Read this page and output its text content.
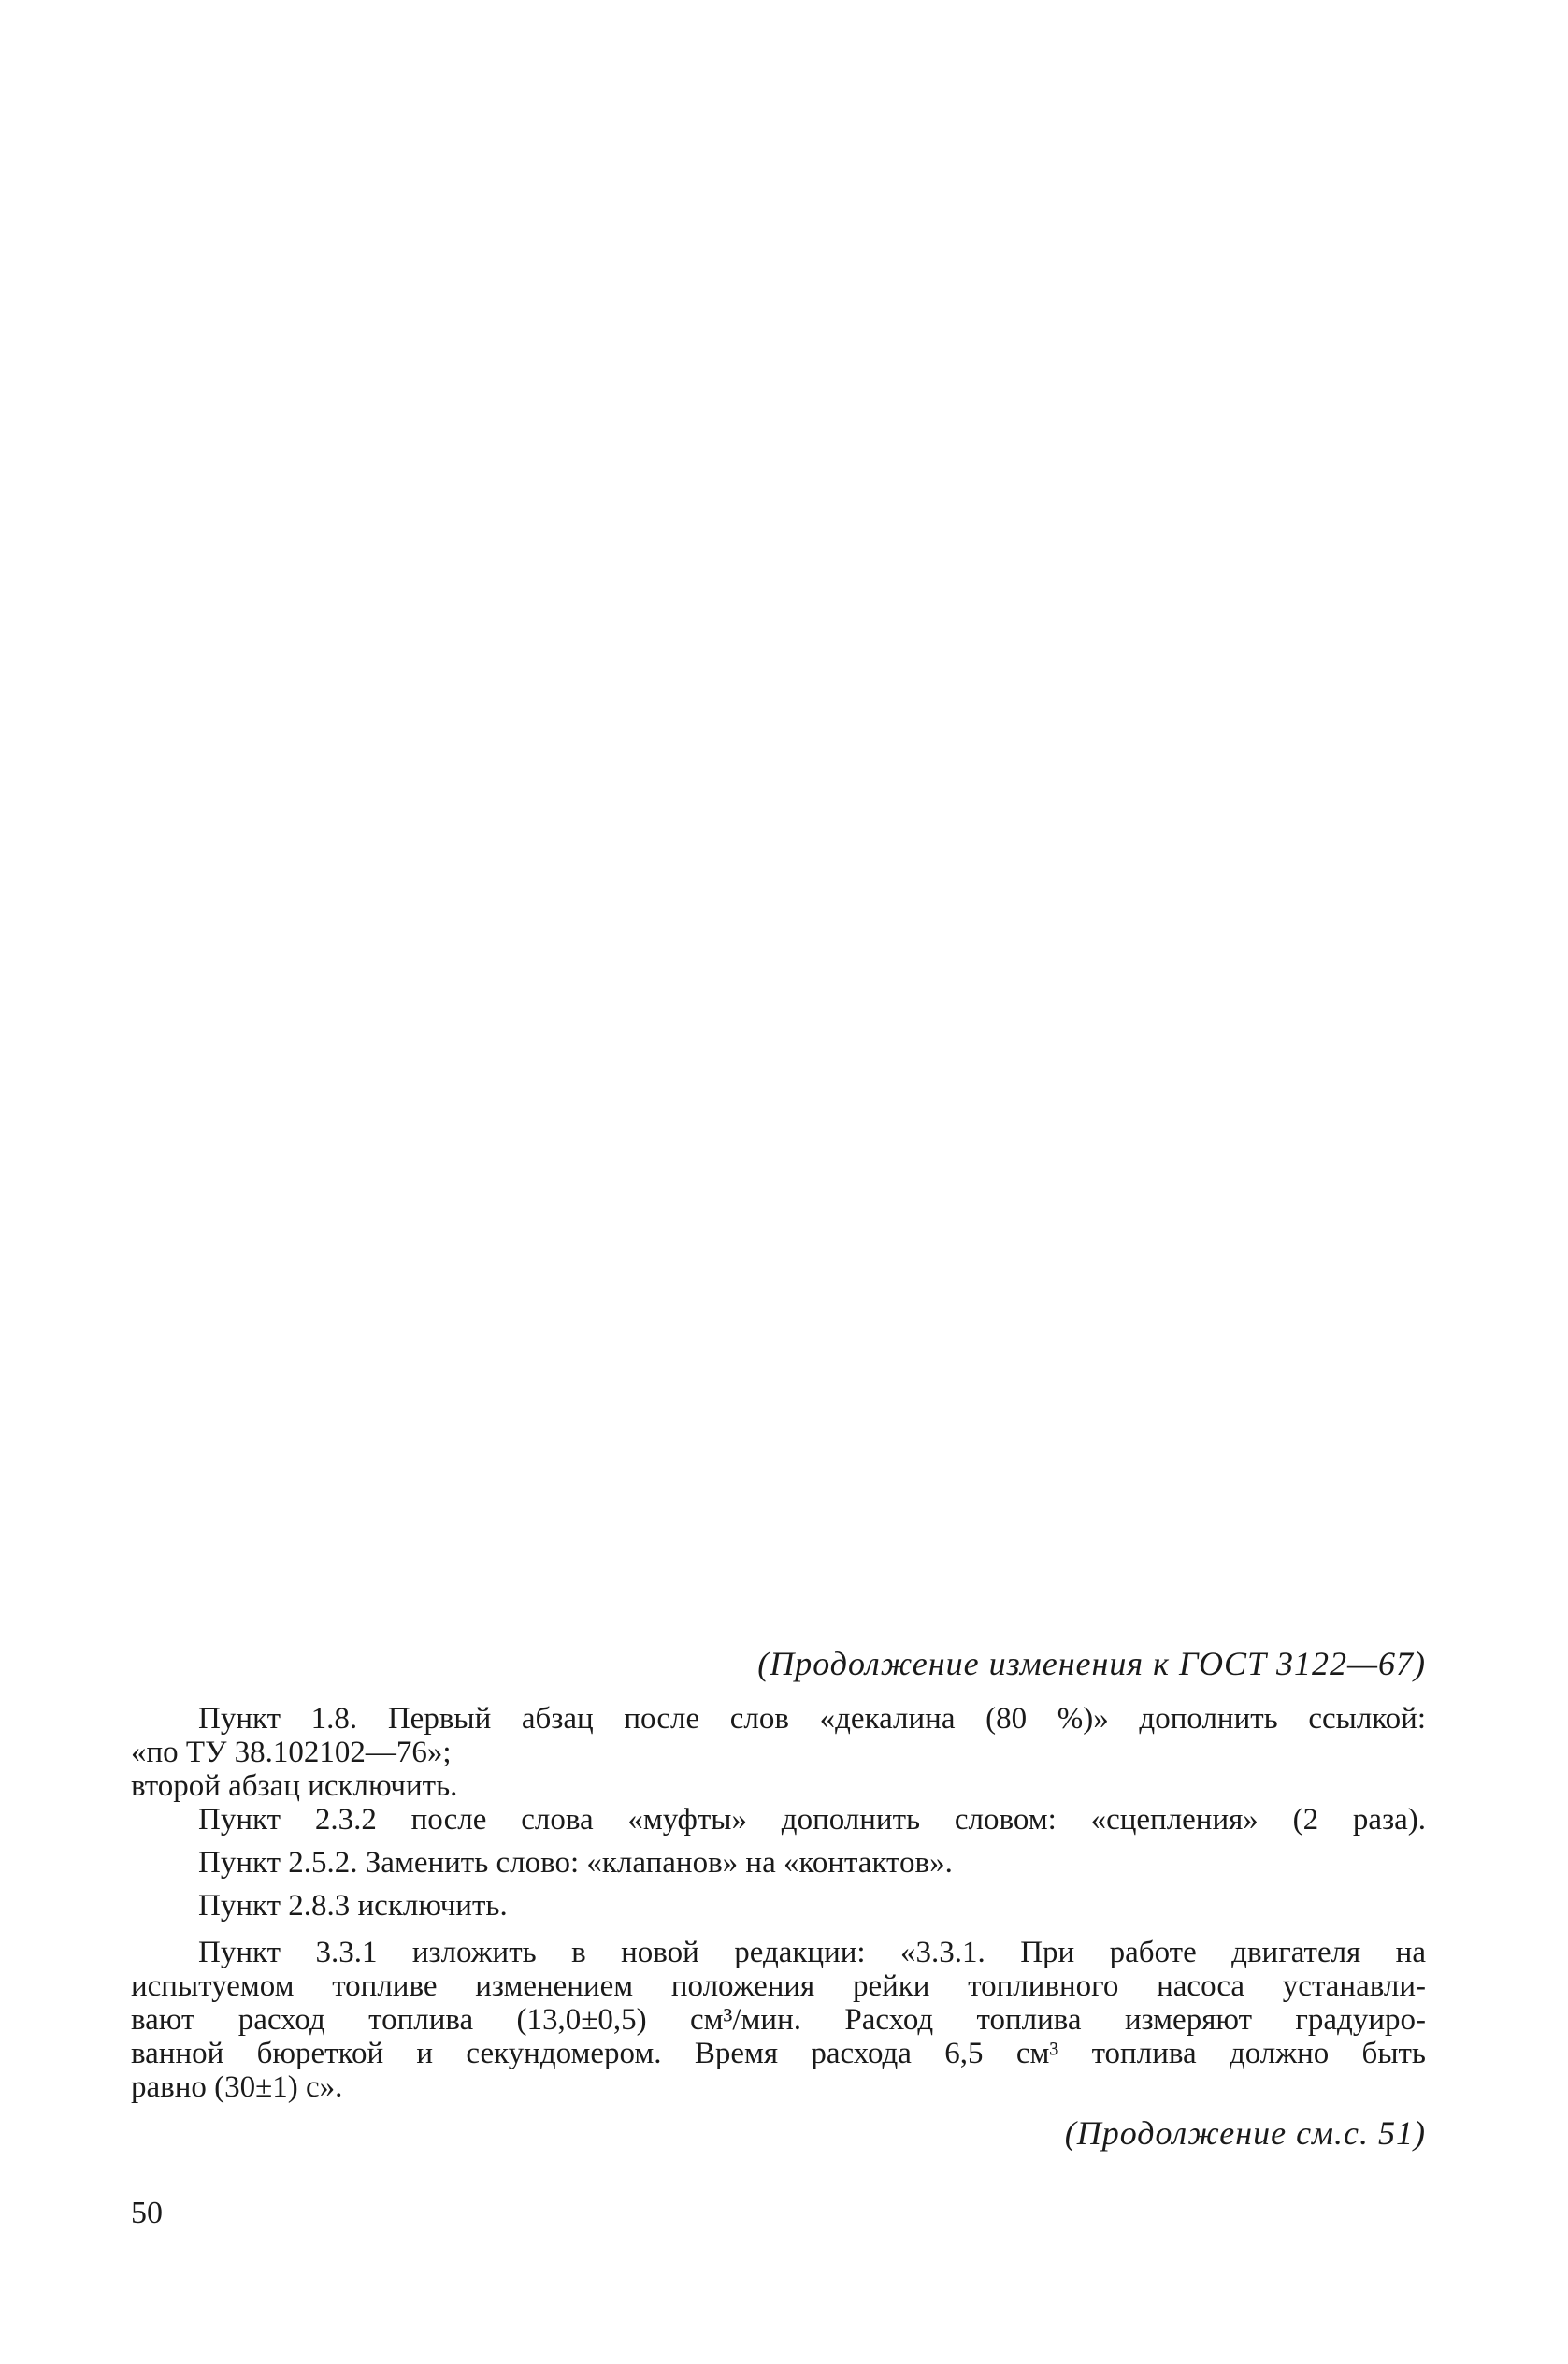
(Продолжение изменения к ГОСТ 3122—67)

Пункт 1.8. Первый абзац после слов «декалина (80 %)» дополнить ссылкой:
«по ТУ 38.102102—76»;

второй абзац исключить.

Пункт 2.3.2 после слова «муфты» дополнить словом: «сцепления» (2 раза).

Пункт 2.5.2. Заменить слово: «клапанов» на «контактов».

Пункт 2.8.3 исключить.

Пункт 3.3.1 изложить в новой редакции: «3.3.1. При работе двигателя на
испытуемом топливе изменением положения рейки топливного насоса устанавли-
вают расход топлива (13,0±0,5) см³/мин. Расход топлива измеряют градуиро-
ванной бюреткой и секундомером. Время расхода 6,5 см³ топлива должно быть
равно (30±1) с».

(Продолжение см.с. 51)
50
